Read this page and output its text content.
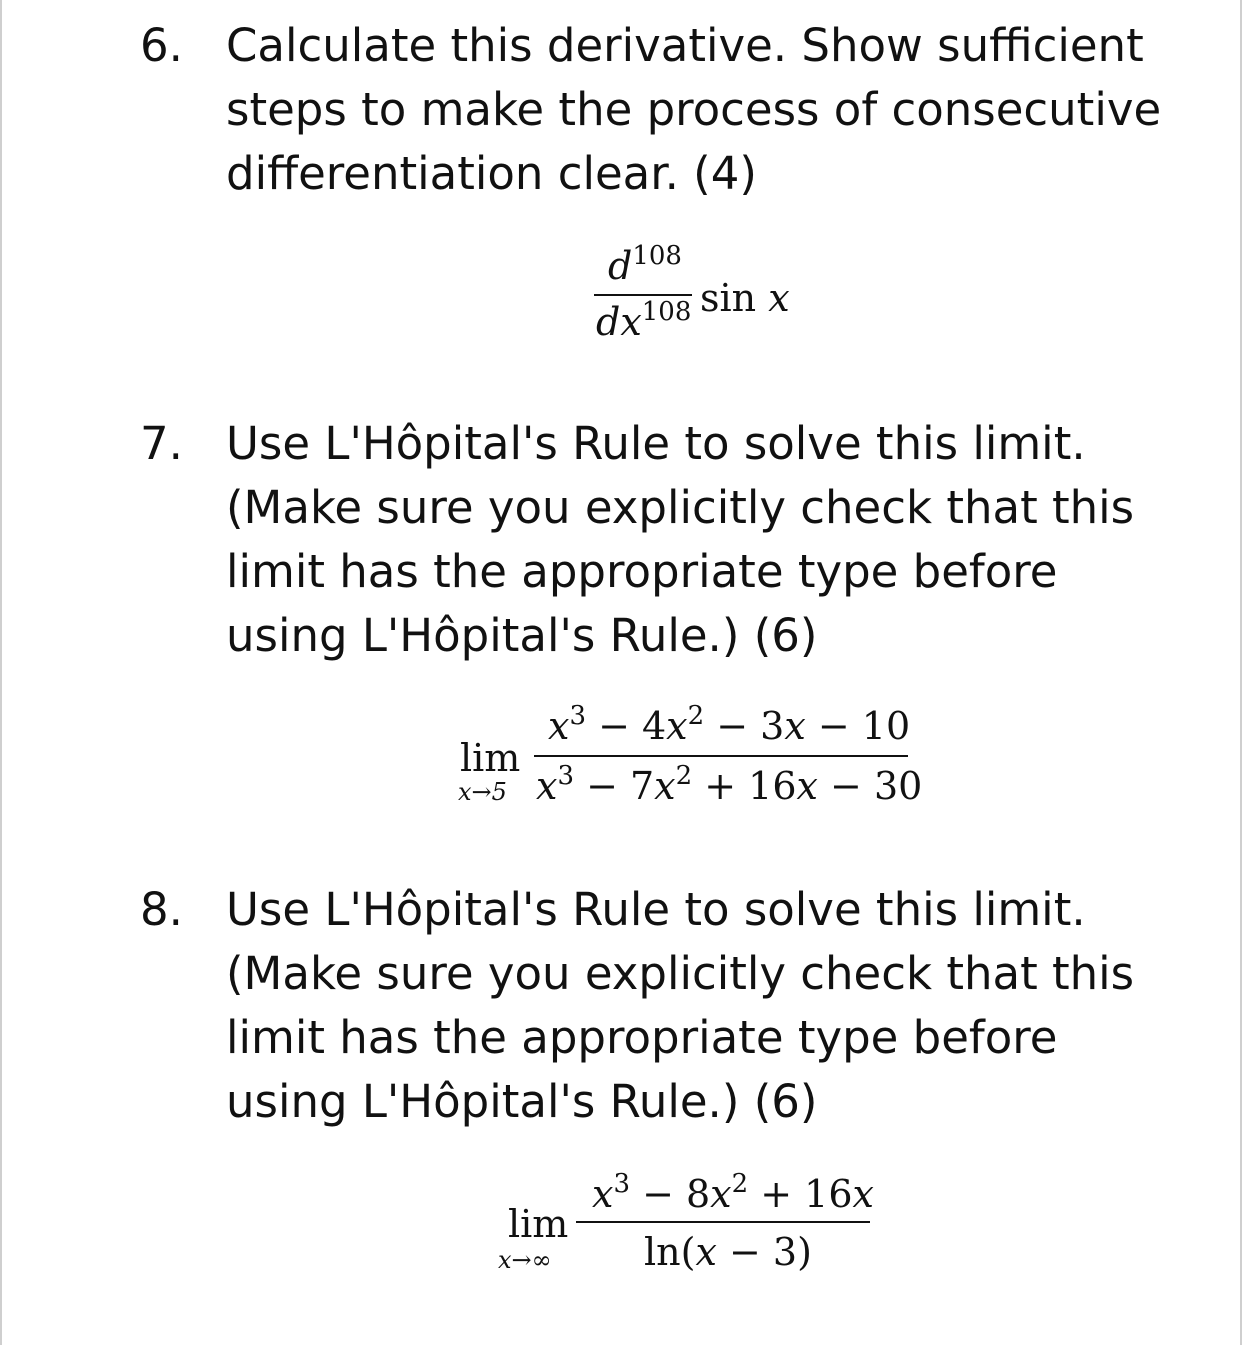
6. Calculate this derivative. Show sufficient steps to make the process of consecutive differentiation clear. (4)

$d^{108}$
$dx^{108}$ sin x
7. Use L'Hôpital's Rule to solve this limit. (Make sure you explicitly check that this limit has the appropriate type before using L'Hôpital's Rule.) (6)

lim
x→5
$x^3 - 4x^2 - 3x - 10$
$x^3 - 7x^2 + 16x - 30$
8. Use L'Hôpital's Rule to solve this limit. (Make sure you explicitly check that this limit has the appropriate type before using L'Hôpital's Rule.) (6)

lim
x→∞
$x^3 - 8x^2 + 16x$
ln(x − 3)
